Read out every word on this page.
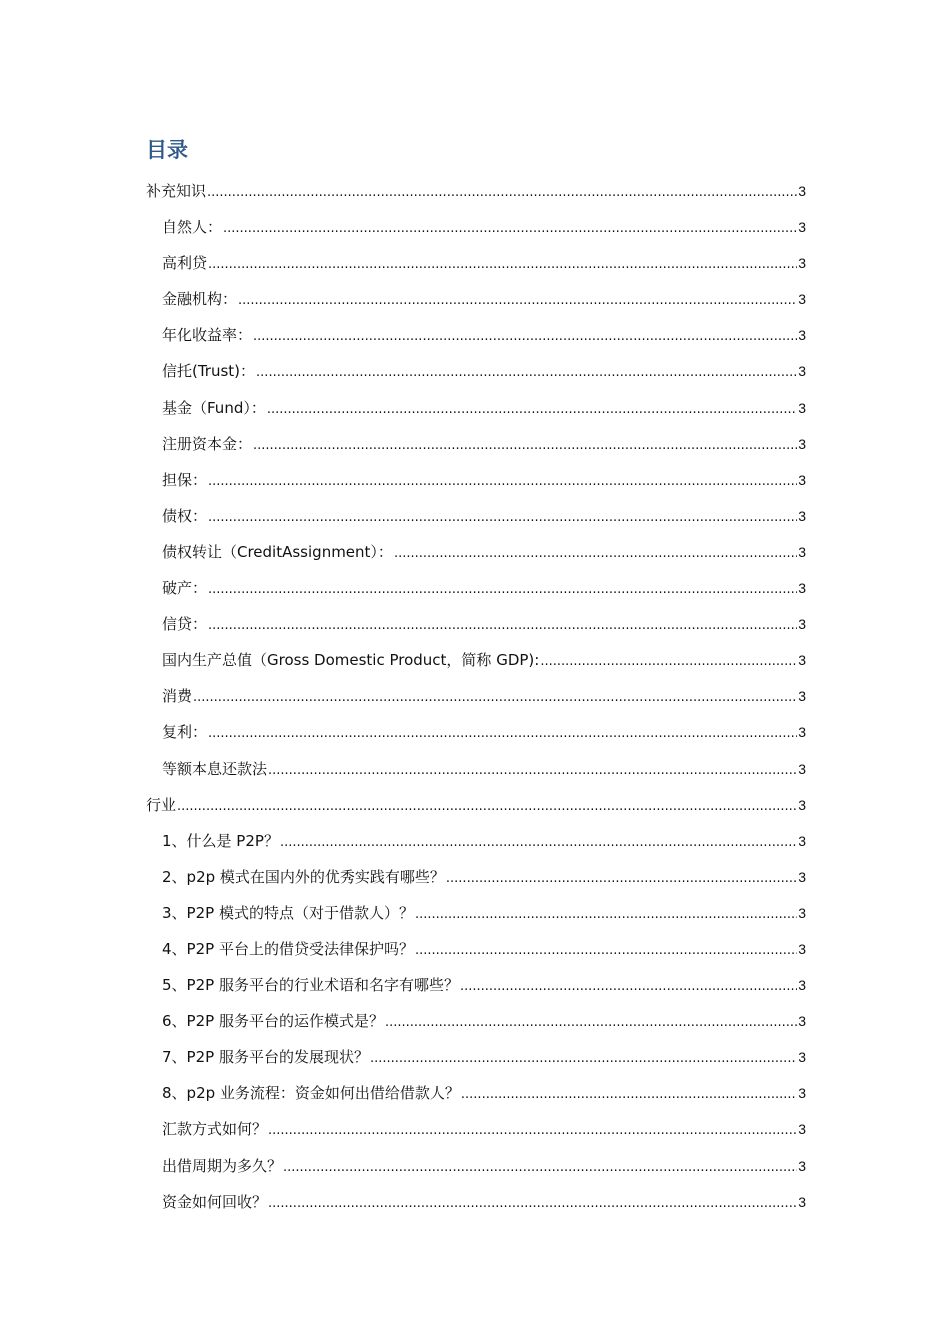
目录
补充知识 .....	3
自然人： .....	3
高利贷 .....	3
金融机构： .....	3
年化收益率： .....	3
信托(Trust)： .....	3
基金（Fund）： .....	3
注册资本金： .....	3
担保： .....	3
债权： .....	3
债权转让（CreditAssignment）： .....	3
破产： .....	3
信贷： .....	3
国内生产总值（Gross Domestic Product，简称 GDP): .....	3
消费 .....	3
复利： .....	3
等额本息还款法 .....	3
行业 .....	3
1、什么是 P2P？ .....	3
2、p2p 模式在国内外的优秀实践有哪些？ .....	3
3、P2P 模式的特点（对于借款人）？ .....	3
4、P2P 平台上的借贷受法律保护吗？ .....	3
5、P2P 服务平台的行业术语和名字有哪些？ .....	3
6、P2P 服务平台的运作模式是？ .....	3
7、P2P 服务平台的发展现状？ .....	3
8、p2p 业务流程：资金如何出借给借款人？ .....	3
汇款方式如何？ .....	3
出借周期为多久？ .....	3
资金如何回收？ .....	3
